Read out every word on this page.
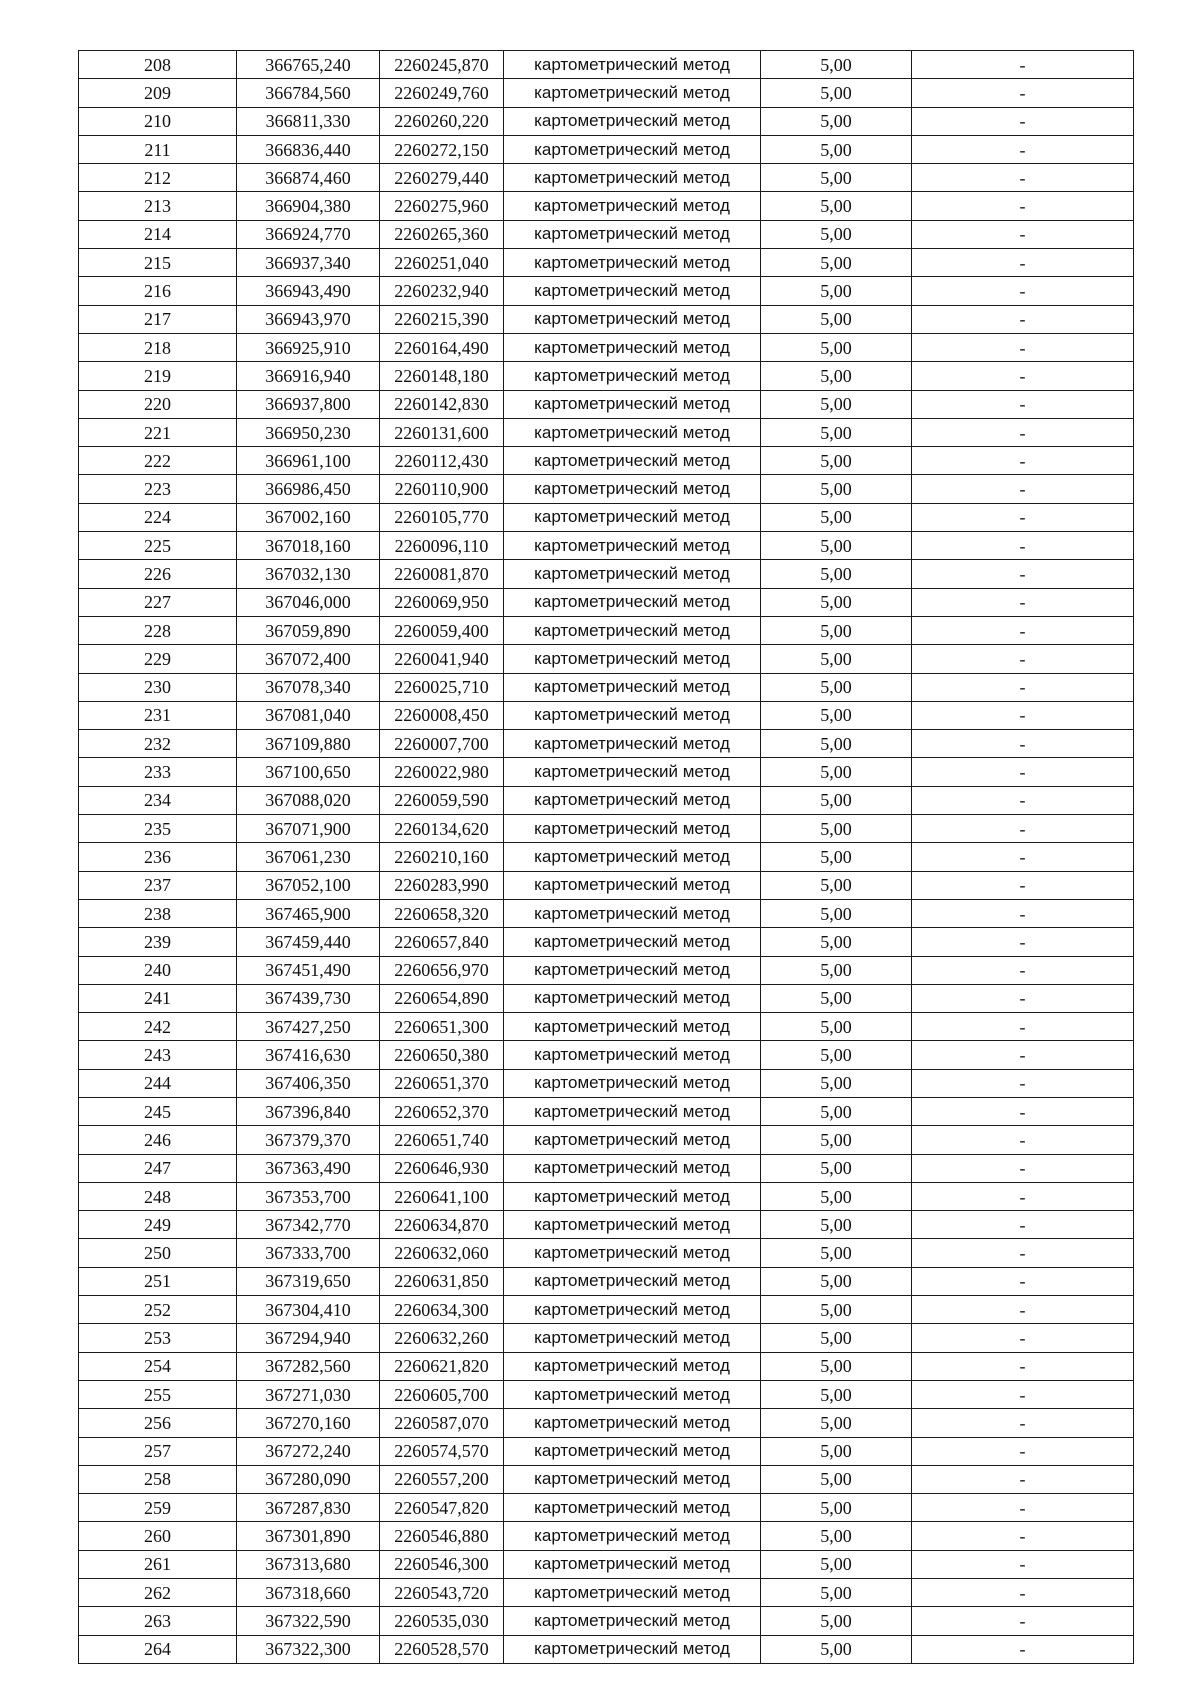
208	366765,240	2260245,870	картометрический метод	5,00	-
209	366784,560	2260249,760	картометрический метод	5,00	-
210	366811,330	2260260,220	картометрический метод	5,00	-
211	366836,440	2260272,150	картометрический метод	5,00	-
212	366874,460	2260279,440	картометрический метод	5,00	-
213	366904,380	2260275,960	картометрический метод	5,00	-
214	366924,770	2260265,360	картометрический метод	5,00	-
215	366937,340	2260251,040	картометрический метод	5,00	-
216	366943,490	2260232,940	картометрический метод	5,00	-
217	366943,970	2260215,390	картометрический метод	5,00	-
218	366925,910	2260164,490	картометрический метод	5,00	-
219	366916,940	2260148,180	картометрический метод	5,00	-
220	366937,800	2260142,830	картометрический метод	5,00	-
221	366950,230	2260131,600	картометрический метод	5,00	-
222	366961,100	2260112,430	картометрический метод	5,00	-
223	366986,450	2260110,900	картометрический метод	5,00	-
224	367002,160	2260105,770	картометрический метод	5,00	-
225	367018,160	2260096,110	картометрический метод	5,00	-
226	367032,130	2260081,870	картометрический метод	5,00	-
227	367046,000	2260069,950	картометрический метод	5,00	-
228	367059,890	2260059,400	картометрический метод	5,00	-
229	367072,400	2260041,940	картометрический метод	5,00	-
230	367078,340	2260025,710	картометрический метод	5,00	-
231	367081,040	2260008,450	картометрический метод	5,00	-
232	367109,880	2260007,700	картометрический метод	5,00	-
233	367100,650	2260022,980	картометрический метод	5,00	-
234	367088,020	2260059,590	картометрический метод	5,00	-
235	367071,900	2260134,620	картометрический метод	5,00	-
236	367061,230	2260210,160	картометрический метод	5,00	-
237	367052,100	2260283,990	картометрический метод	5,00	-
238	367465,900	2260658,320	картометрический метод	5,00	-
239	367459,440	2260657,840	картометрический метод	5,00	-
240	367451,490	2260656,970	картометрический метод	5,00	-
241	367439,730	2260654,890	картометрический метод	5,00	-
242	367427,250	2260651,300	картометрический метод	5,00	-
243	367416,630	2260650,380	картометрический метод	5,00	-
244	367406,350	2260651,370	картометрический метод	5,00	-
245	367396,840	2260652,370	картометрический метод	5,00	-
246	367379,370	2260651,740	картометрический метод	5,00	-
247	367363,490	2260646,930	картометрический метод	5,00	-
248	367353,700	2260641,100	картометрический метод	5,00	-
249	367342,770	2260634,870	картометрический метод	5,00	-
250	367333,700	2260632,060	картометрический метод	5,00	-
251	367319,650	2260631,850	картометрический метод	5,00	-
252	367304,410	2260634,300	картометрический метод	5,00	-
253	367294,940	2260632,260	картометрический метод	5,00	-
254	367282,560	2260621,820	картометрический метод	5,00	-
255	367271,030	2260605,700	картометрический метод	5,00	-
256	367270,160	2260587,070	картометрический метод	5,00	-
257	367272,240	2260574,570	картометрический метод	5,00	-
258	367280,090	2260557,200	картометрический метод	5,00	-
259	367287,830	2260547,820	картометрический метод	5,00	-
260	367301,890	2260546,880	картометрический метод	5,00	-
261	367313,680	2260546,300	картометрический метод	5,00	-
262	367318,660	2260543,720	картометрический метод	5,00	-
263	367322,590	2260535,030	картометрический метод	5,00	-
264	367322,300	2260528,570	картометрический метод	5,00	-
